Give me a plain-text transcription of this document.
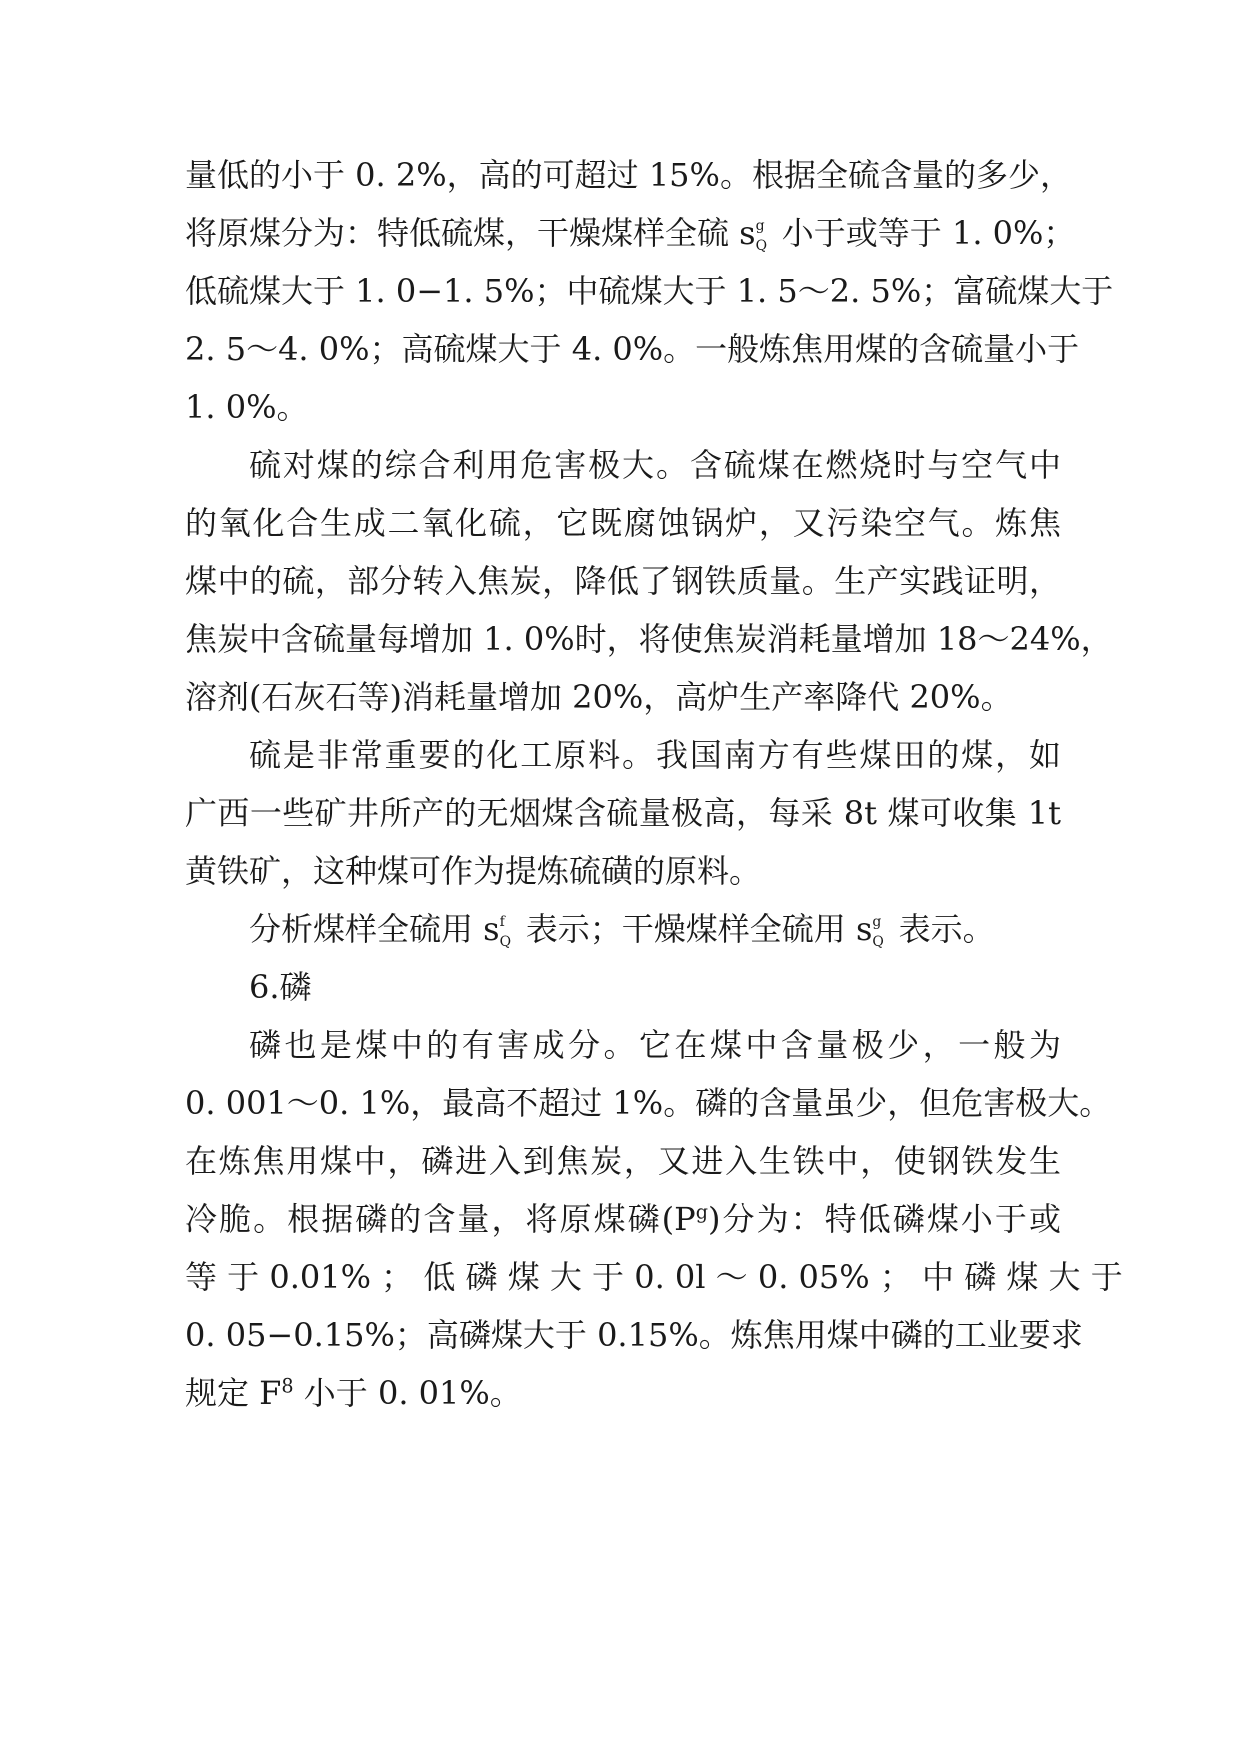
量低的小于 0. 2%，高的可超过 15%。根据全硫含量的多少，
将原煤分为：特低硫煤，干燥煤样全硫 s g
Q 小于或等于 1. 0%；
低硫煤大于 1. 0−1. 5%；中硫煤大于 1. 5～2. 5%；富硫煤大于
2. 5～4. 0%；高硫煤大于 4. 0%。一般炼焦用煤的含硫量小于
1. 0%。
硫对煤的综合利用危害极大。含硫煤在燃烧时与空气中
的氧化合生成二氧化硫，它既腐蚀锅炉，又污染空气。炼焦
煤中的硫，部分转入焦炭，降低了钢铁质量。生产实践证明，
焦炭中含硫量每增加 1. 0%时，将使焦炭消耗量增加 18～24%，
溶剂(石灰石等)消耗量增加 20%，高炉生产率降代 20%。
硫是非常重要的化工原料。我国南方有些煤田的煤，如
广西一些矿井所产的无烟煤含硫量极高，每采 8t 煤可收集 1t
黄铁矿，这种煤可作为提炼硫磺的原料。
分析煤样全硫用 s f
Q 表示；干燥煤样全硫用 s g
Q 表示。
6.磷
磷也是煤中的有害成分。它在煤中含量极少，一般为
0. 001～0. 1%，最高不超过 1%。磷的含量虽少，但危害极大。
在炼焦用煤中，磷进入到焦炭，又进入生铁中，使钢铁发生
冷脆。根据磷的含量，将原煤磷$(P^g)$分为：特低磷煤小于或
等 于 0.01% ； 低 磷 煤 大 于 0. 0l ～ 0. 05% ； 中 磷 煤 大 于
0. 05−0.15%；高磷煤大于 0.15%。炼焦用煤中磷的工业要求
规定 $F^8$ 小于 0. 01%。
